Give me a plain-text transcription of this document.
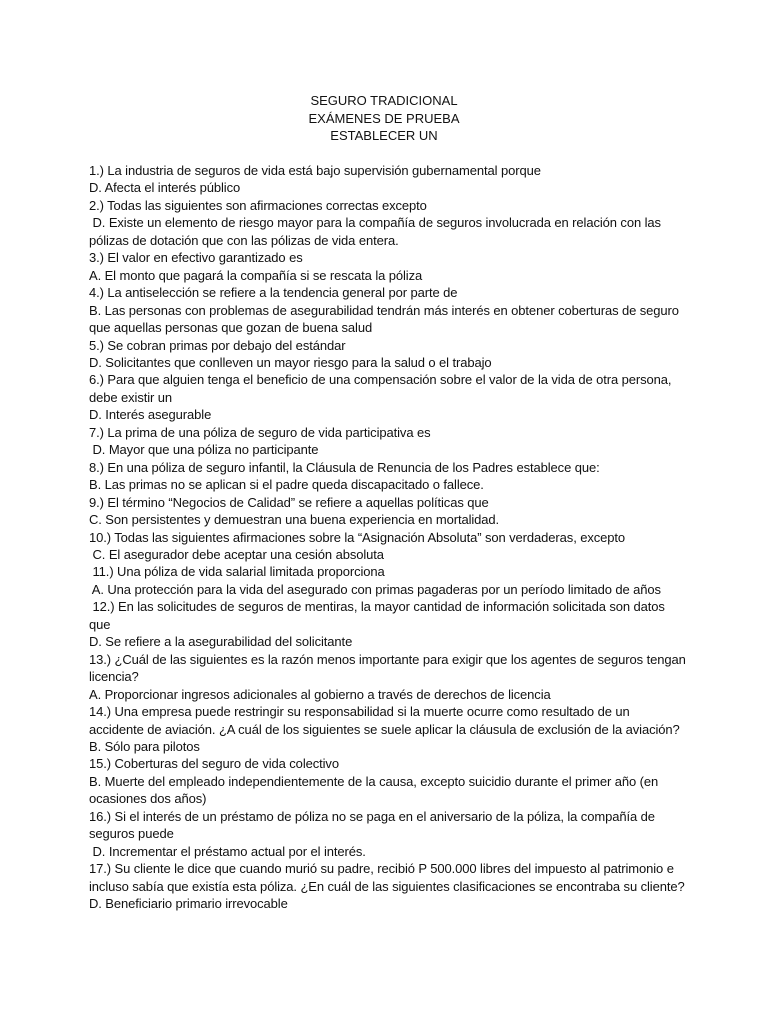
SEGURO TRADICIONAL
EXÁMENES DE PRUEBA
ESTABLECER UN
1.) La industria de seguros de vida está bajo supervisión gubernamental porque
D. Afecta el interés público
2.) Todas las siguientes son afirmaciones correctas excepto
D. Existe un elemento de riesgo mayor para la compañía de seguros involucrada en relación con las
pólizas de dotación que con las pólizas de vida entera.
3.) El valor en efectivo garantizado es
A. El monto que pagará la compañía si se rescata la póliza
4.) La antiselección se refiere a la tendencia general por parte de
B. Las personas con problemas de asegurabilidad tendrán más interés en obtener coberturas de seguro
que aquellas personas que gozan de buena salud
5.) Se cobran primas por debajo del estándar
D. Solicitantes que conlleven un mayor riesgo para la salud o el trabajo
6.) Para que alguien tenga el beneficio de una compensación sobre el valor de la vida de otra persona,
debe existir un
D. Interés asegurable
7.) La prima de una póliza de seguro de vida participativa es
D. Mayor que una póliza no participante
8.) En una póliza de seguro infantil, la Cláusula de Renuncia de los Padres establece que:
B. Las primas no se aplican si el padre queda discapacitado o fallece.
9.) El término “Negocios de Calidad” se refiere a aquellas políticas que
C. Son persistentes y demuestran una buena experiencia en mortalidad.
10.) Todas las siguientes afirmaciones sobre la “Asignación Absoluta” son verdaderas, excepto
C. El asegurador debe aceptar una cesión absoluta
11.) Una póliza de vida salarial limitada proporciona
A. Una protección para la vida del asegurado con primas pagaderas por un período limitado de años
12.) En las solicitudes de seguros de mentiras, la mayor cantidad de información solicitada son datos
que
D. Se refiere a la asegurabilidad del solicitante
13.) ¿Cuál de las siguientes es la razón menos importante para exigir que los agentes de seguros tengan
licencia?
A. Proporcionar ingresos adicionales al gobierno a través de derechos de licencia
14.) Una empresa puede restringir su responsabilidad si la muerte ocurre como resultado de un
accidente de aviación. ¿A cuál de los siguientes se suele aplicar la cláusula de exclusión de la aviación?
B. Sólo para pilotos
15.) Coberturas del seguro de vida colectivo
B. Muerte del empleado independientemente de la causa, excepto suicidio durante el primer año (en
ocasiones dos años)
16.) Si el interés de un préstamo de póliza no se paga en el aniversario de la póliza, la compañía de
seguros puede
D. Incrementar el préstamo actual por el interés.
17.) Su cliente le dice que cuando murió su padre, recibió P 500.000 libres del impuesto al patrimonio e
incluso sabía que existía esta póliza. ¿En cuál de las siguientes clasificaciones se encontraba su cliente?
D. Beneficiario primario irrevocable
